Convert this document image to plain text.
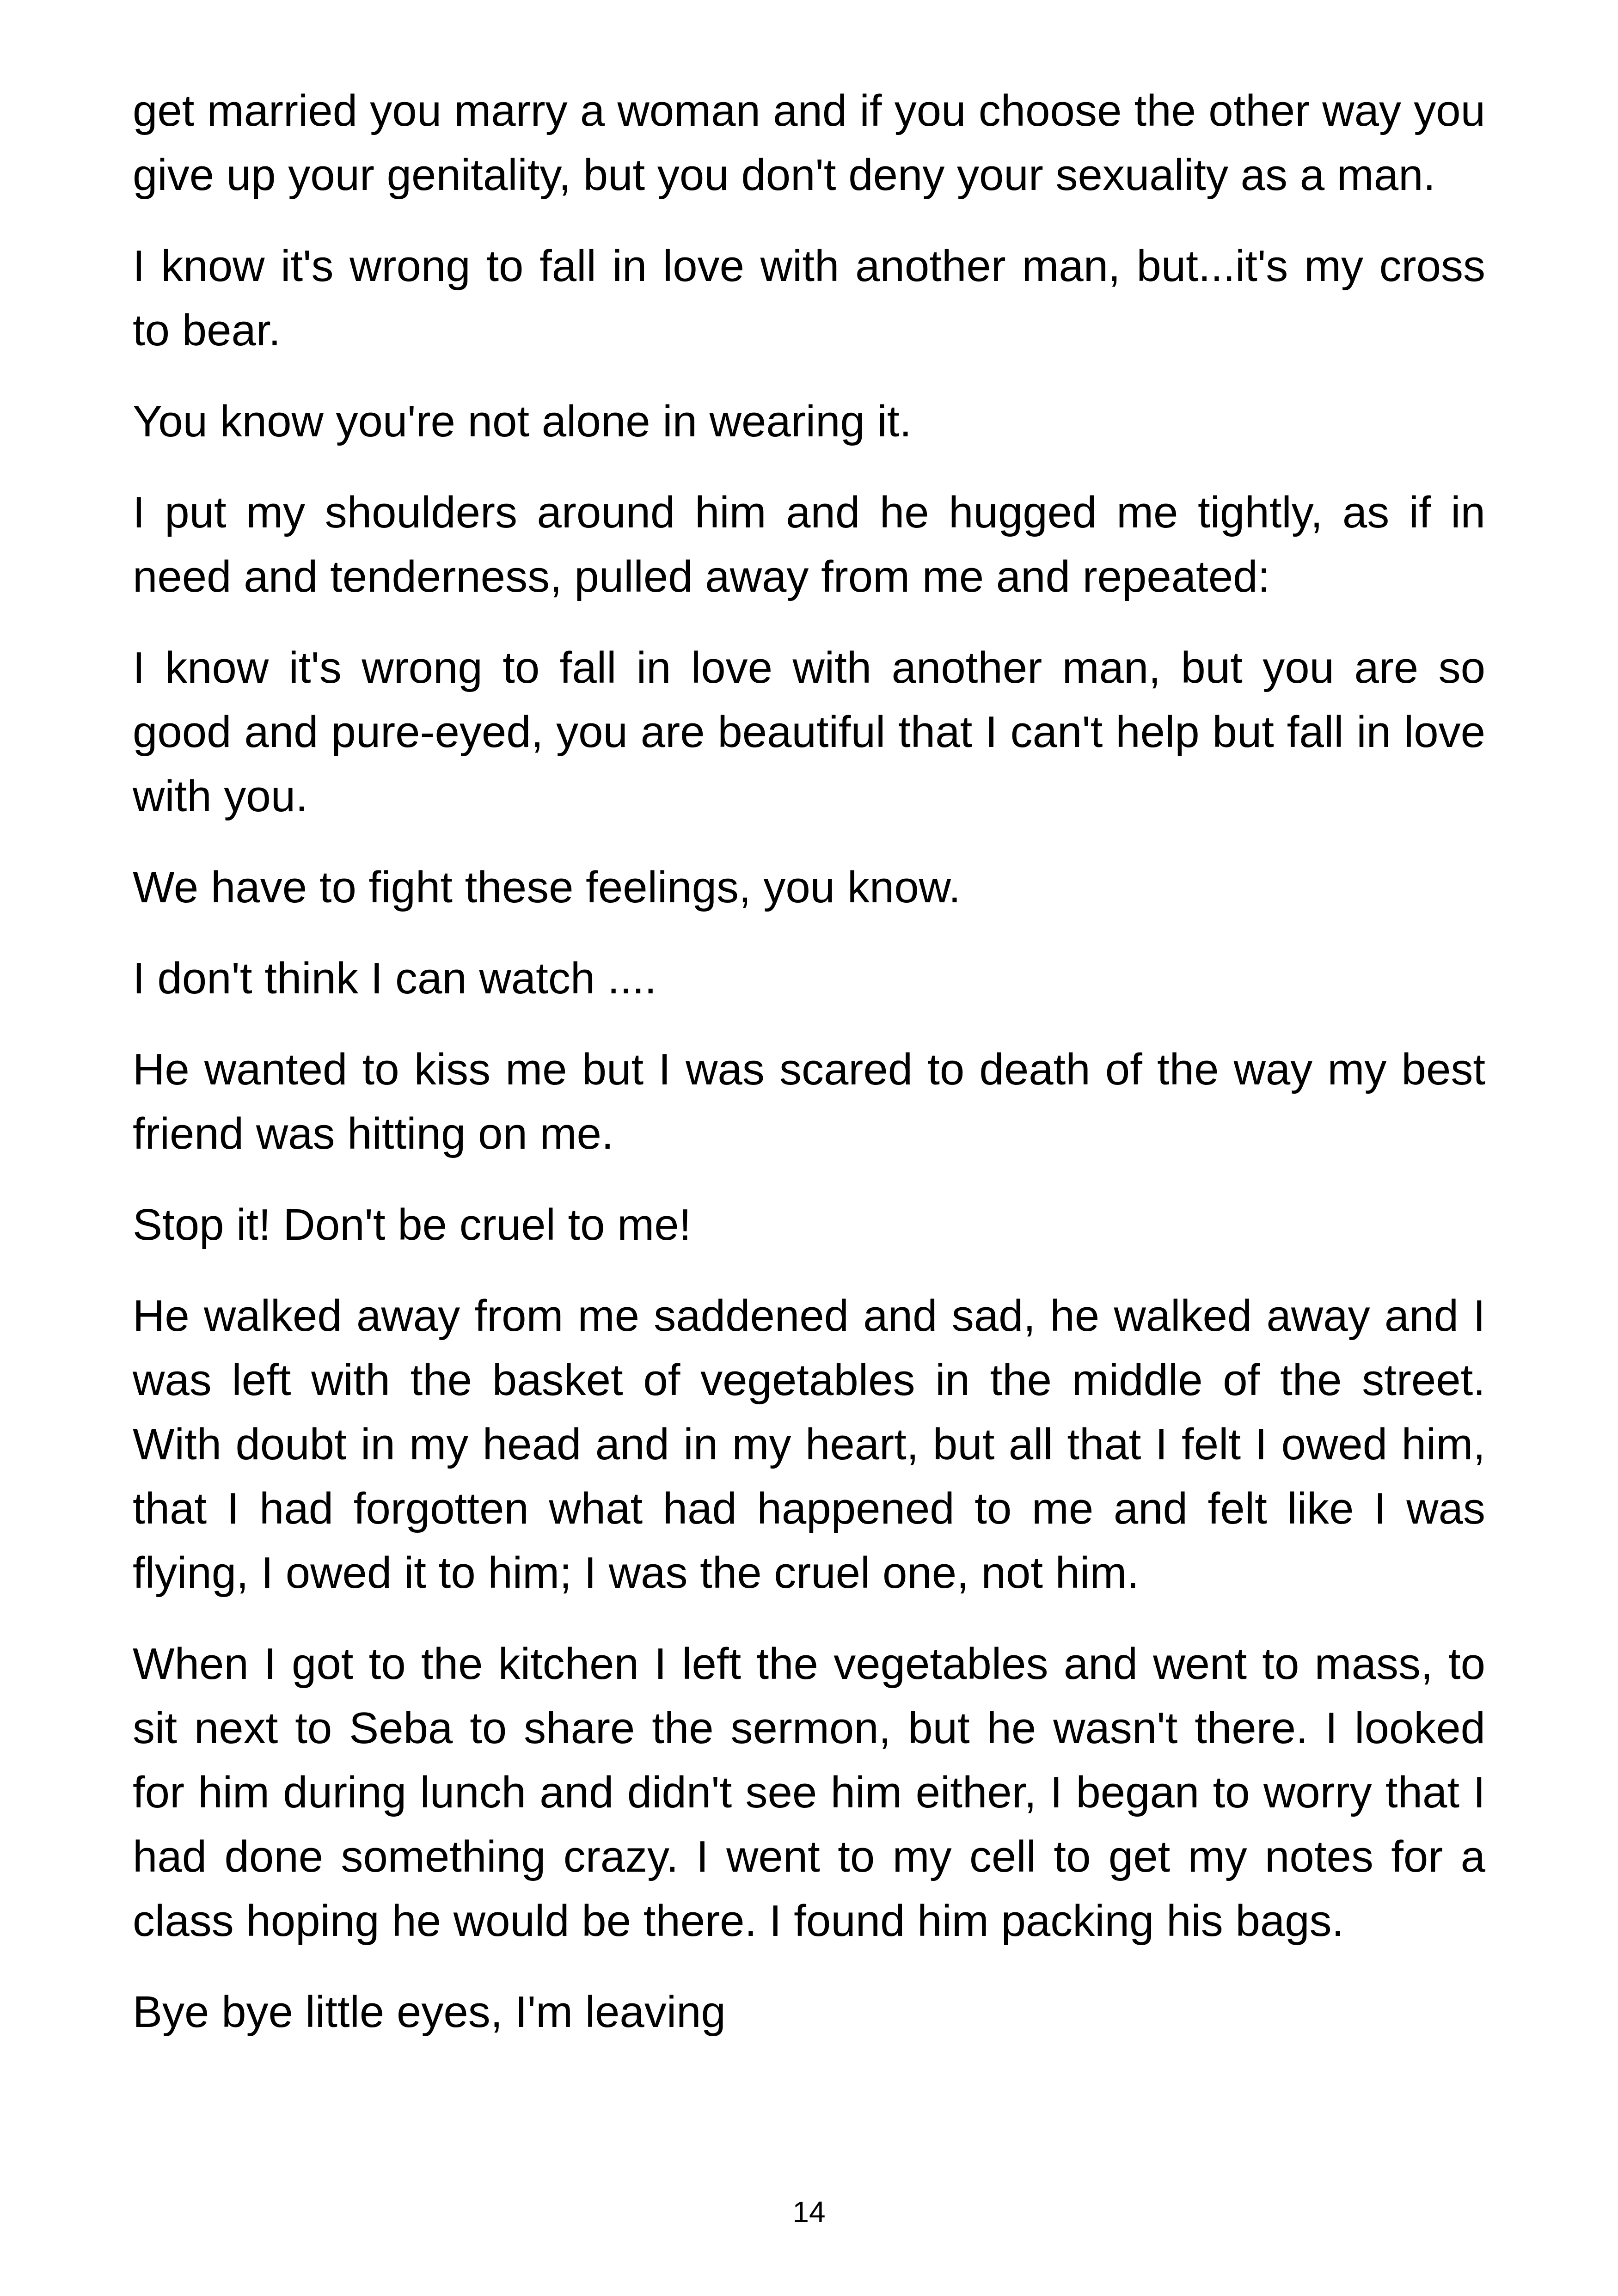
get married you marry a woman and if you choose the other way you give up your genitality, but you don't deny your sexuality as a man.

I know it's wrong to fall in love with another man, but...it's my cross to bear.

You know you're not alone in wearing it.

I put my shoulders around him and he hugged me tightly, as if in need and tenderness, pulled away from me and repeated:

I know it's wrong to fall in love with another man, but you are so good and pure-eyed, you are beautiful that I can't help but fall in love with you.

We have to fight these feelings, you know.

I don't think I can watch ....

He wanted to kiss me but I was scared to death of the way my best friend was hitting on me.

Stop it! Don't be cruel to me!

He walked away from me saddened and sad, he walked away and I was left with the basket of vegetables in the middle of the street. With doubt in my head and in my heart, but all that I felt I owed him, that I had forgotten what had happened to me and felt like I was flying, I owed it to him; I was the cruel one, not him.

When I got to the kitchen I left the vegetables and went to mass, to sit next to Seba to share the sermon, but he wasn't there. I looked for him during lunch and didn't see him either, I began to worry that I had done something crazy. I went to my cell to get my notes for a class hoping he would be there. I found him packing his bags.

Bye bye little eyes, I'm leaving

14
